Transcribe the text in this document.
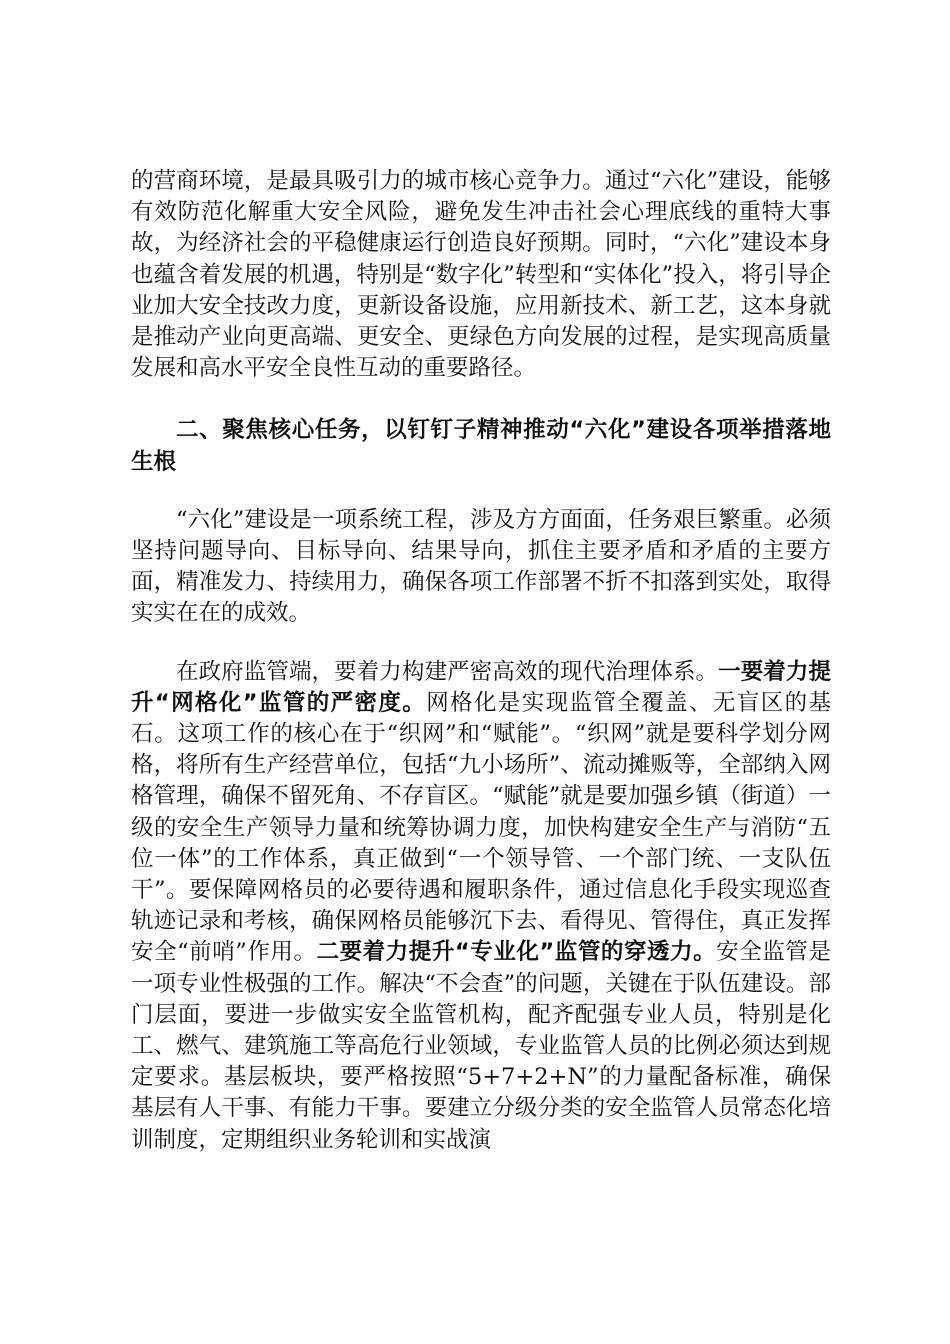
的营商环境，是最具吸引力的城市核心竞争力。通过“六化”建设，能够有效防范化解重大安全风险，避免发生冲击社会心理底线的重特大事故，为经济社会的平稳健康运行创造良好预期。同时，“六化”建设本身也蕴含着发展的机遇，特别是“数字化”转型和“实体化”投入，将引导企业加大安全技改力度，更新设备设施，应用新技术、新工艺，这本身就是推动产业向更高端、更安全、更绿色方向发展的过程，是实现高质量发展和高水平安全良性互动的重要路径。

二、聚焦核心任务，以钉钉子精神推动“六化”建设各项举措落地生根

“六化”建设是一项系统工程，涉及方方面面，任务艰巨繁重。必须坚持问题导向、目标导向、结果导向，抓住主要矛盾和矛盾的主要方面，精准发力、持续用力，确保各项工作部署不折不扣落到实处，取得实实在在的成效。

在政府监管端，要着力构建严密高效的现代治理体系。一要着力提升“网格化”监管的严密度。网格化是实现监管全覆盖、无盲区的基石。这项工作的核心在于“织网”和“赋能”。“织网”就是要科学划分网格，将所有生产经营单位，包括“九小场所”、流动摊贩等，全部纳入网格管理，确保不留死角、不存盲区。“赋能”就是要加强乡镇（街道）一级的安全生产领导力量和统筹协调力度，加快构建安全生产与消防“五位一体”的工作体系，真正做到“一个领导管、一个部门统、一支队伍干”。要保障网格员的必要待遇和履职条件，通过信息化手段实现巡查轨迹记录和考核，确保网格员能够沉下去、看得见、管得住，真正发挥安全“前哨”作用。二要着力提升“专业化”监管的穿透力。安全监管是一项专业性极强的工作。解决“不会查”的问题，关键在于队伍建设。部门层面，要进一步做实安全监管机构，配齐配强专业人员，特别是化工、燃气、建筑施工等高危行业领域，专业监管人员的比例必须达到规定要求。基层板块，要严格按照“5+7+2+N”的力量配备标准，确保基层有人干事、有能力干事。要建立分级分类的安全监管人员常态化培训制度，定期组织业务轮训和实战演
